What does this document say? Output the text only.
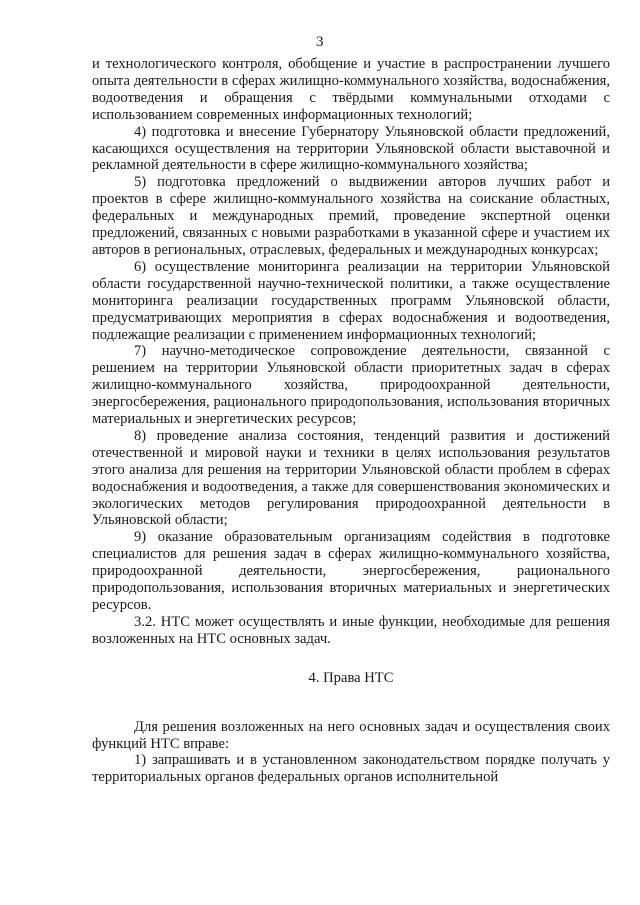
3

и технологического контроля, обобщение и участие в распространении лучшего опыта деятельности в сферах жилищно-коммунального хозяйства, водоснабжения, водоотведения и обращения с твёрдыми коммунальными отходами с использованием современных информационных технологий;

4) подготовка и внесение Губернатору Ульяновской области предложений, касающихся осуществления на территории Ульяновской области выставочной и рекламной деятельности в сфере жилищно-коммунального хозяйства;

5) подготовка предложений о выдвижении авторов лучших работ и проектов в сфере жилищно-коммунального хозяйства на соискание областных, федеральных и международных премий, проведение экспертной оценки предложений, связанных с новыми разработками в указанной сфере и участием их авторов в региональных, отраслевых, федеральных и международных конкурсах;

6) осуществление мониторинга реализации на территории Ульяновской области государственной научно-технической политики, а также осуществление мониторинга реализации государственных программ Ульяновской области, предусматривающих мероприятия в сферах водоснабжения и водоотведения, подлежащие реализации с применением информационных технологий;

7) научно-методическое сопровождение деятельности, связанной с решением на территории Ульяновской области приоритетных задач в сферах жилищно-коммунального хозяйства, природоохранной деятельности, энергосбережения, рационального природопользования, использования вторичных материальных и энергетических ресурсов;

8) проведение анализа состояния, тенденций развития и достижений отечественной и мировой науки и техники в целях использования результатов этого анализа для решения на территории Ульяновской области проблем в сферах водоснабжения и водоотведения, а также для совершенствования экономических и экологических методов регулирования природоохранной деятельности в Ульяновской области;

9) оказание образовательным организациям содействия в подготовке специалистов для решения задач в сферах жилищно-коммунального хозяйства, природоохранной деятельности, энергосбережения, рационального природопользования, использования вторичных материальных и энергетических ресурсов.

3.2. НТС может осуществлять и иные функции, необходимые для решения возложенных на НТС основных задач.

4. Права НТС

Для решения возложенных на него основных задач и осуществления своих функций НТС вправе:

1) запрашивать и в установленном законодательством порядке получать у территориальных органов федеральных органов исполнительной
